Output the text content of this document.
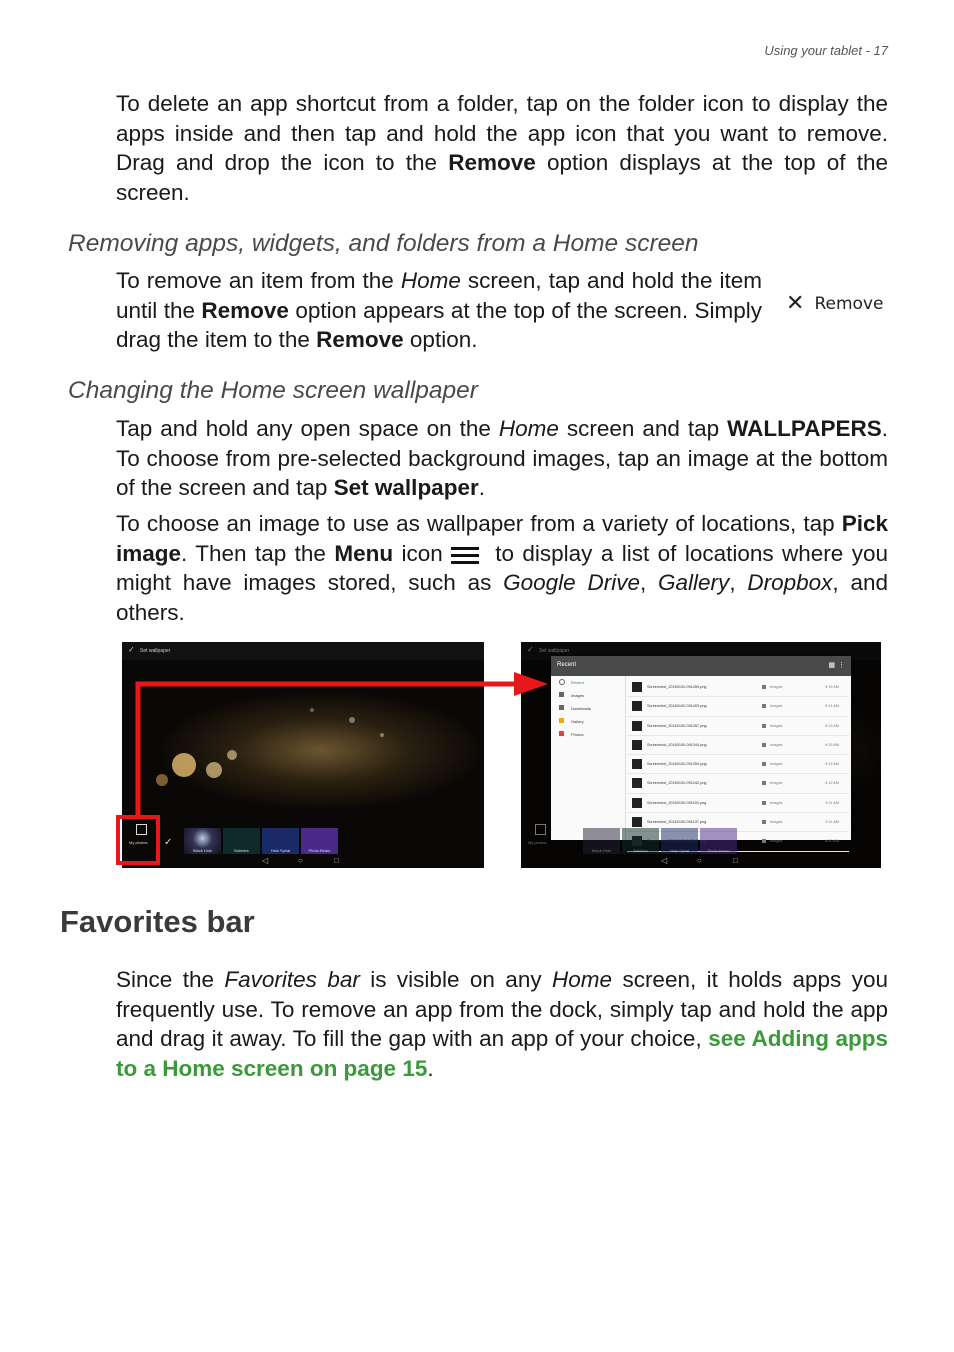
Using your tablet - 17
To delete an app shortcut from a folder, tap on the folder icon to display the apps inside and then tap and hold the app icon that you want to remove. Drag and drop the icon to the Remove option displays at the top of the screen.
Removing apps, widgets, and folders from a Home screen
To remove an item from the Home screen, tap and hold the item until the Remove option appears at the top of the screen. Simply drag the item to the Remove option.
✕ Remove
Changing the Home screen wallpaper
Tap and hold any open space on the Home screen and tap WALLPAPERS. To choose from pre-selected background images, tap an image at the bottom of the screen and tap Set wallpaper.
To choose an image to use as wallpaper from a variety of locations, tap Pick image. Then tap the Menu icon to display a list of locations where you might have images stored, such as Google Drive, Gallery, Dropbox, and others.
✓ Set wallpaper
My photos ✓
Black Hole	Bubbles	Halo Spiral	Photo Beam
◁	○	□
✓ Set wallpaper
Recent	▦ ⋮
Recent
Images
Downloads
Gallery
Photos
Screenshot_20160100-091459.png	Images	9:15 AM
Screenshot_20160100-091403.png	Images	9:14 AM
Screenshot_20160100-091357.png	Images	9:13 AM
Screenshot_20160100-091344.png	Images	9:13 AM
Screenshot_20160100-091354.png	Images	9:13 AM
Screenshot_20160100-091242.png	Images	9:12 AM
Screenshot_20160100-091150.png	Images	9:11 AM
Screenshot_20160100-091137.png	Images	9:11 AM
Images	8:20 AM
My photos
Black Hole	Bubbles	Halo Spiral	Photo Beam
◁	○	□
Favorites bar
Since the Favorites bar is visible on any Home screen, it holds apps you frequently use. To remove an app from the dock, simply tap and hold the app and drag it away. To fill the gap with an app of your choice, see Adding apps to a Home screen on page 15.
